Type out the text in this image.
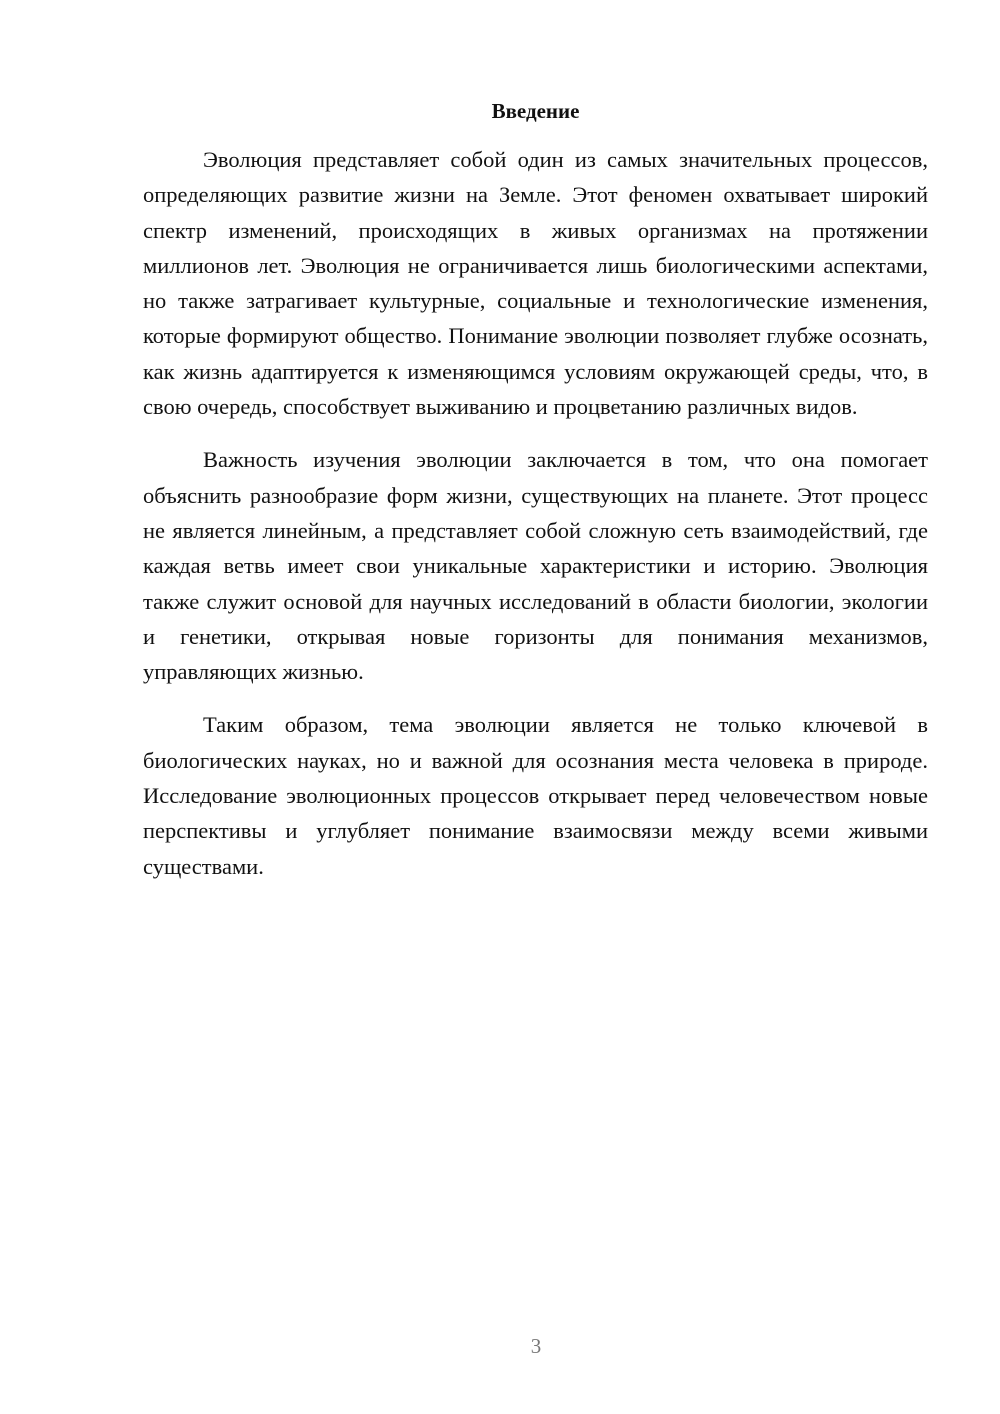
Введение

Эволюция представляет собой один из самых значительных процессов, определяющих развитие жизни на Земле. Этот феномен охватывает широкий спектр изменений, происходящих в живых организмах на протяжении миллионов лет. Эволюция не ограничивается лишь биологическими аспектами, но также затрагивает культурные, социальные и технологические изменения, которые формируют общество. Понимание эволюции позволяет глубже осознать, как жизнь адаптируется к изменяющимся условиям окружающей среды, что, в свою очередь, способствует выживанию и процветанию различных видов.

Важность изучения эволюции заключается в том, что она помогает объяснить разнообразие форм жизни, существующих на планете. Этот процесс не является линейным, а представляет собой сложную сеть взаимодействий, где каждая ветвь имеет свои уникальные характеристики и историю. Эволюция также служит основой для научных исследований в области биологии, экологии и генетики, открывая новые горизонты для понимания механизмов, управляющих жизнью.

Таким образом, тема эволюции является не только ключевой в биологических науках, но и важной для осознания места человека в природе. Исследование эволюционных процессов открывает перед человечеством новые перспективы и углубляет понимание взаимосвязи между всеми живыми существами.

3
